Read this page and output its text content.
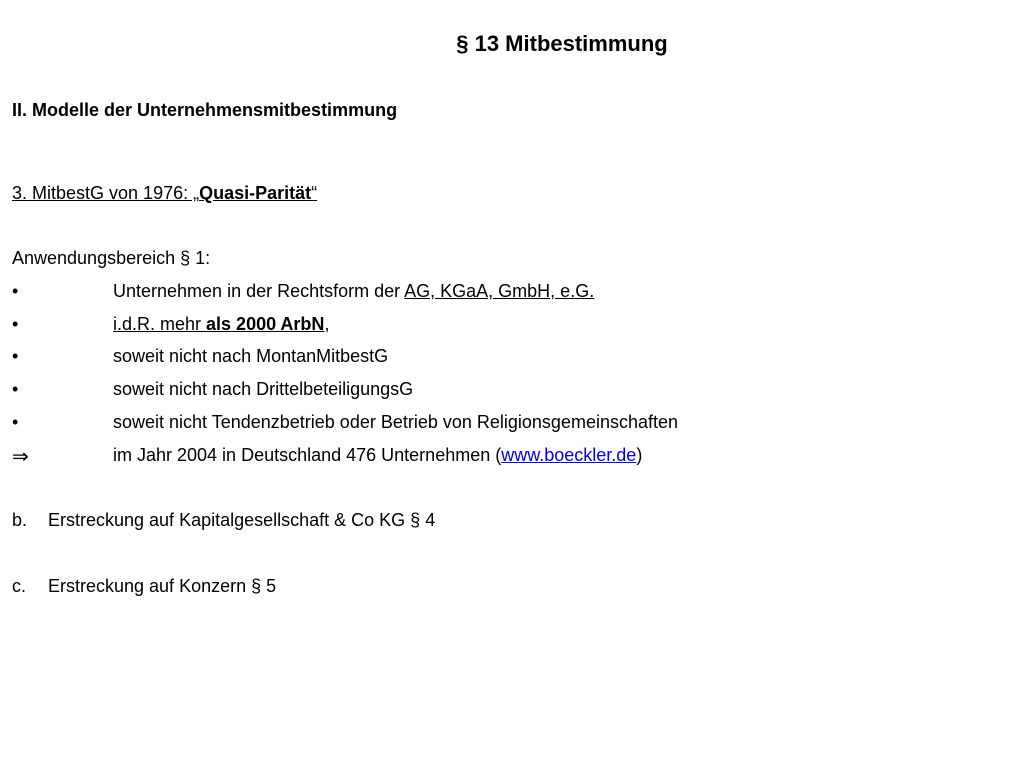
§ 13 Mitbestimmung
II. Modelle der Unternehmensmitbestimmung
3. MitbestG von 1976: „Quasi-Parität“
Anwendungsbereich § 1:
•	Unternehmen in der Rechtsform der AG, KGaA, GmbH, e.G.
•	i.d.R. mehr als 2000 ArbN,
•	soweit nicht nach MontanMitbestG
•	soweit nicht nach DrittelbeteiligungsG
•	soweit nicht Tendenzbetrieb oder Betrieb von Religionsgemeinschaften
⇒	im Jahr 2004 in Deutschland 476 Unternehmen (www.boeckler.de)
b.	Erstreckung auf Kapitalgesellschaft & Co KG § 4
c.	Erstreckung auf Konzern § 5
